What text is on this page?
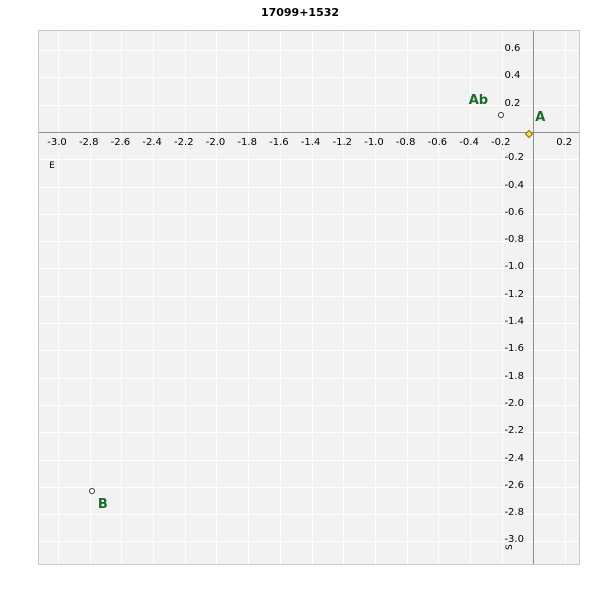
17099+1532
-3.0 -2.8 -2.6 -2.4 -2.2 -2.0 -1.8 -1.6 -1.4 -1.2 -1.0 -0.8 -0.6 -0.4 -0.2	0.2
0.6
0.4
0.2
-0.2
-0.4
-0.6
-0.8
-1.0
-1.2
-1.4
-1.6
-1.8
-2.0
-2.2
-2.4
-2.6
-2.8
-3.0
Ab
A
B
E
S
